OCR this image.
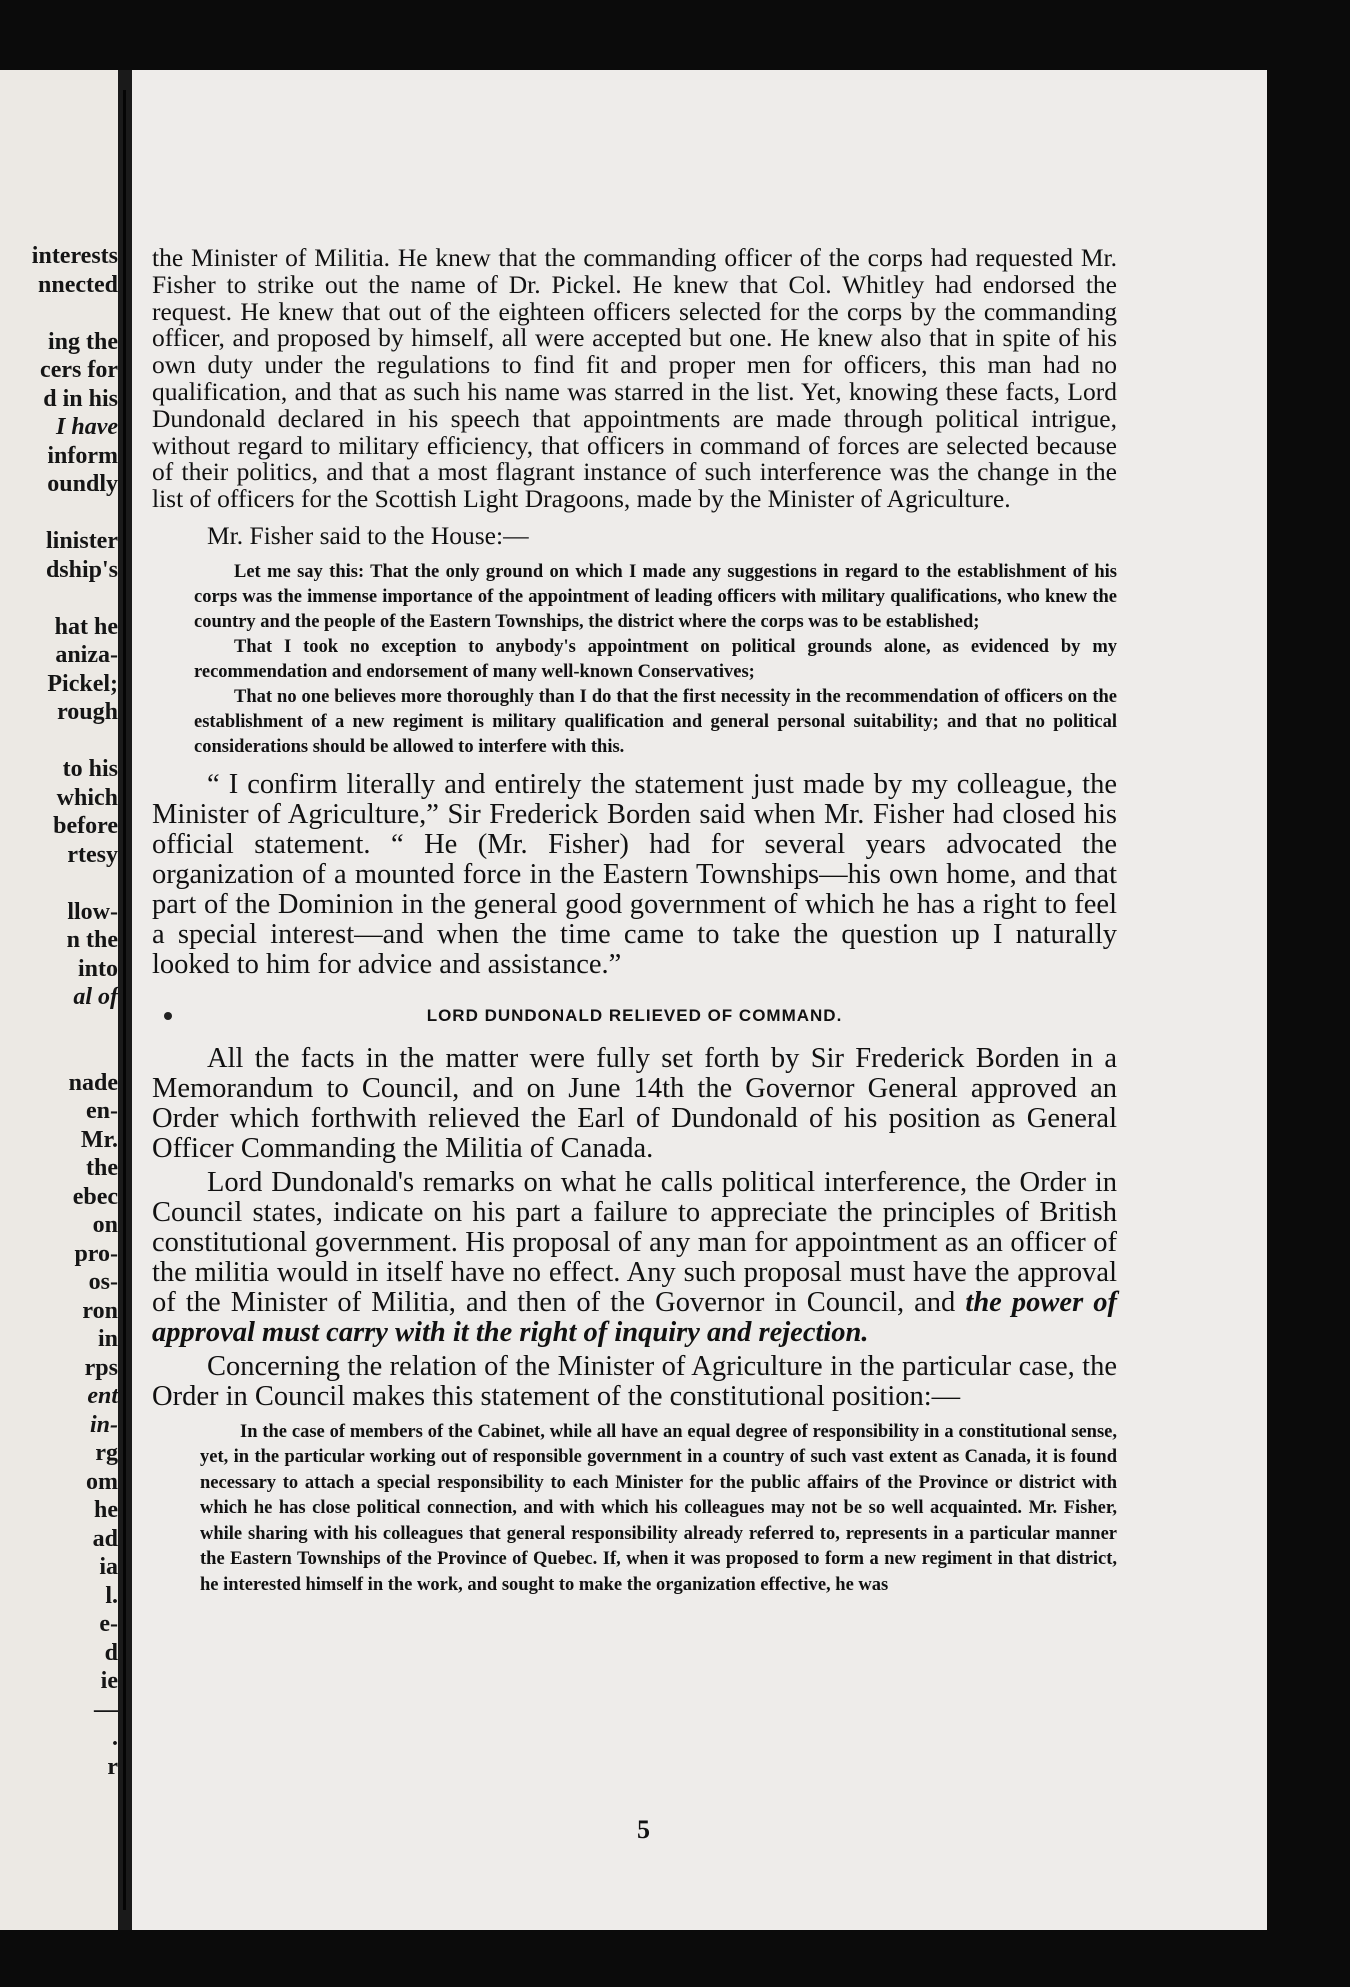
interests
nnected
ing the
cers for
d in his
I have
inform
oundly
linister
dship's
hat he
aniza-
Pickel;
rough
to his
which
before
rtesy
llow-
n the
into
al of
nade
en-
Mr.
the
ebec
on
pro-
os-
ron
in
rps
ent
in-
rg
om
he
ad
ia
l.
e-
d
ie
—
.
r

the Minister of Militia. He knew that the commanding officer of the corps had requested Mr. Fisher to strike out the name of Dr. Pickel. He knew that Col. Whitley had endorsed the request. He knew that out of the eighteen officers selected for the corps by the commanding officer, and proposed by himself, all were accepted but one. He knew also that in spite of his own duty under the regulations to find fit and proper men for officers, this man had no qualification, and that as such his name was starred in the list. Yet, knowing these facts, Lord Dundonald declared in his speech that appointments are made through political intrigue, without regard to military efficiency, that officers in command of forces are selected because of their politics, and that a most flagrant instance of such interference was the change in the list of officers for the Scottish Light Dragoons, made by the Minister of Agriculture.

Mr. Fisher said to the House:—

Let me say this: That the only ground on which I made any suggestions in regard to the establishment of his corps was the immense importance of the appointment of leading officers with military qualifications, who knew the country and the people of the Eastern Townships, the district where the corps was to be established;

That I took no exception to anybody's appointment on political grounds alone, as evidenced by my recommendation and endorsement of many well-known Conservatives;

That no one believes more thoroughly than I do that the first necessity in the recommendation of officers on the establishment of a new regiment is military qualification and general personal suitability; and that no political considerations should be allowed to interfere with this.

“ I confirm literally and entirely the statement just made by my colleague, the Minister of Agriculture,” Sir Frederick Borden said when Mr. Fisher had closed his official statement. “ He (Mr. Fisher) had for several years advocated the organization of a mounted force in the Eastern Townships—his own home, and that part of the Dominion in the general good government of which he has a right to feel a special interest—and when the time came to take the question up I naturally looked to him for advice and assistance.”

LORD DUNDONALD RELIEVED OF COMMAND.

All the facts in the matter were fully set forth by Sir Frederick Borden in a Memorandum to Council, and on June 14th the Governor General approved an Order which forthwith relieved the Earl of Dundonald of his position as General Officer Commanding the Militia of Canada.

Lord Dundonald's remarks on what he calls political interference, the Order in Council states, indicate on his part a failure to appreciate the principles of British constitutional government. His proposal of any man for appointment as an officer of the militia would in itself have no effect. Any such proposal must have the approval of the Minister of Militia, and then of the Governor in Council, and the power of approval must carry with it the right of inquiry and rejection.

Concerning the relation of the Minister of Agriculture in the particular case, the Order in Council makes this statement of the constitutional position:—

In the case of members of the Cabinet, while all have an equal degree of responsibility in a constitutional sense, yet, in the particular working out of responsible government in a country of such vast extent as Canada, it is found necessary to attach a special responsibility to each Minister for the public affairs of the Province or district with which he has close political connection, and with which his colleagues may not be so well acquainted. Mr. Fisher, while sharing with his colleagues that general responsibility already referred to, represents in a particular manner the Eastern Townships of the Province of Quebec. If, when it was proposed to form a new regiment in that district, he interested himself in the work, and sought to make the organization effective, he was

5
